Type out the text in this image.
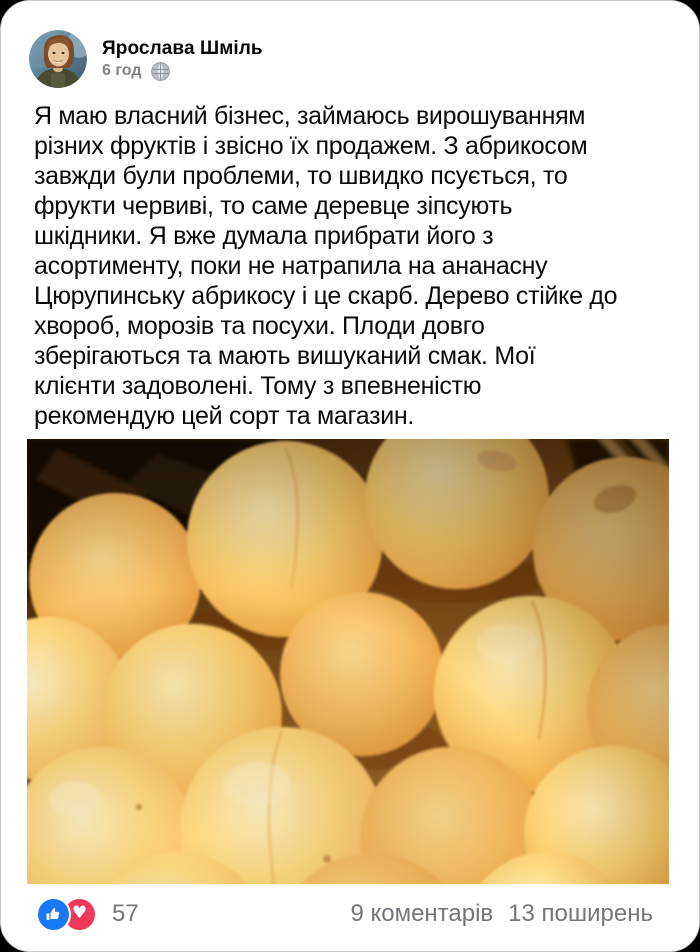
Ярослава Шміль
6 год
Я маю власний бізнес, займаюсь вирошуванням
різних фруктів і звісно їх продажем. З абрикосом
завжди були проблеми, то швидко псується, то
фрукти червиві, то саме деревце зіпсують
шкідники. Я вже думала прибрати його з
асортименту, поки не натрапила на ананасну
Цюрупинську абрикосу і це скарб. Дерево стійке до
хвороб, морозів та посухи. Плоди довго
зберігаються та мають вишуканий смак. Мої
клієнти задоволені. Тому з впевненістю
рекомендую цей сорт та магазин.
♥ 57	9 коментарів 13 поширень
